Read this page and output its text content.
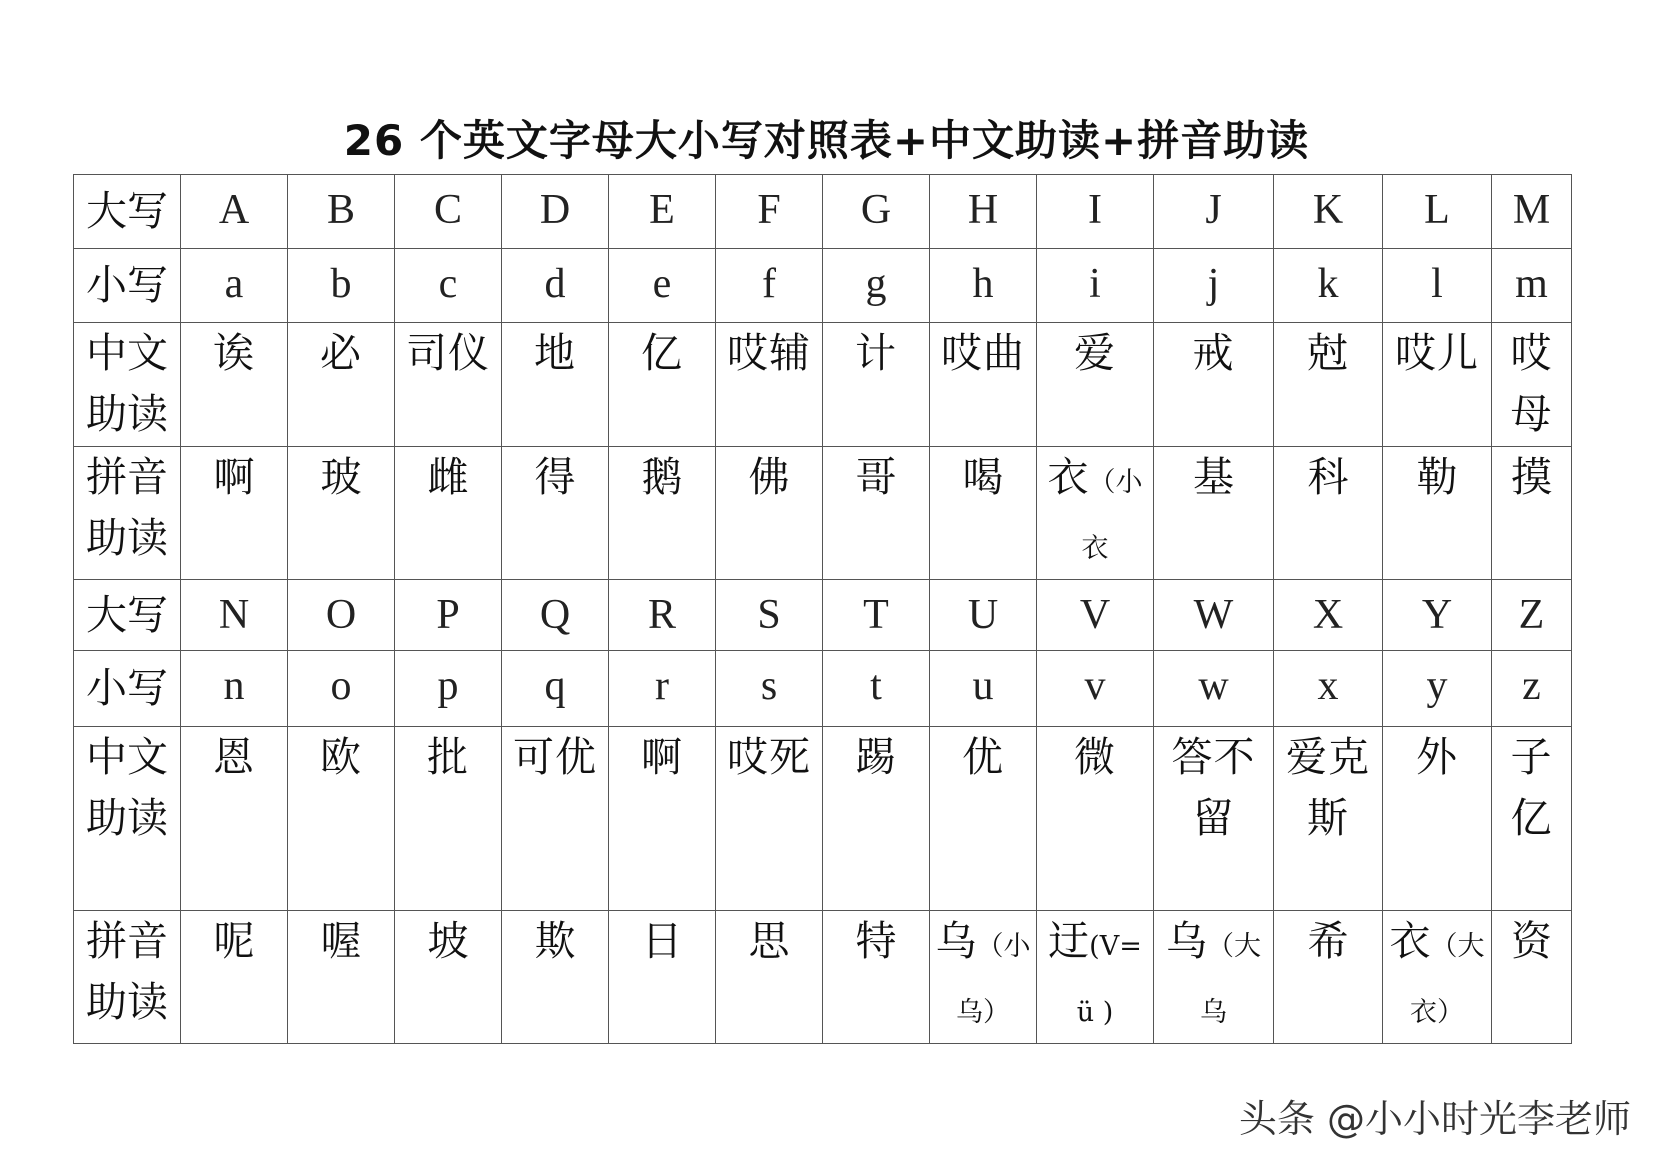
26 个英文字母大小写对照表+中文助读+拼音助读
大写	A	B	C	D	E	F	G	H	I	J	K	L	M
小写	a	b	c	d	e	f	g	h	i	j	k	l	m
中文助读	诶	必	司仪	地	亿	哎辅	计	哎曲	爱	戒	尅	哎儿	哎母
拼音助读	啊	玻	雌	得	鹅	佛	哥	喝	衣（小衣	基	科	勒	摸
大写	N	O	P	Q	R	S	T	U	V	W	X	Y	Z
小写	n	o	p	q	r	s	t	u	v	w	x	y	z
中文助读	恩	欧	批	可优	啊	哎死	踢	优	微	答不留	爱克斯	外	子亿
拼音助读	呢	喔	坡	欺	日	思	特	乌（小乌）	迂(V= ü )	乌（大乌	希	衣（大衣）	资
头条 @小小时光李老师
